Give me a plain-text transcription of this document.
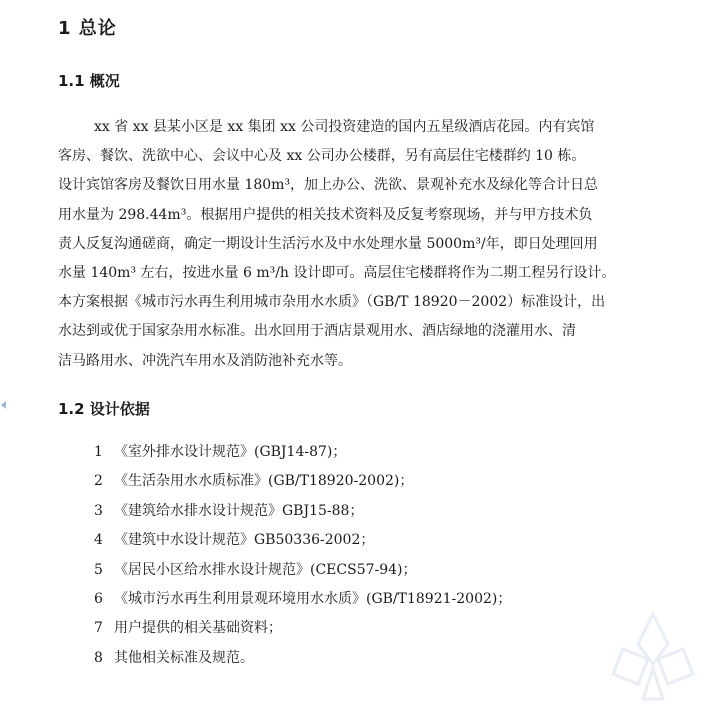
1 总论
1.1 概况
xx 省 xx 县某小区是 xx 集团 xx 公司投资建造的国内五星级酒店花园。内有宾馆
客房、餐饮、洗欲中心、会议中心及 xx 公司办公楼群，另有高层住宅楼群约 10 栋。
设计宾馆客房及餐饮日用水量 180m³，加上办公、洗欲、景观补充水及绿化等合计日总
用水量为 298.44m³。根据用户提供的相关技术资料及反复考察现场，并与甲方技术负
责人反复沟通磋商，确定一期设计生活污水及中水处理水量 5000m³/年，即日处理回用
水量 140m³ 左右，按进水量 6 m³/h 设计即可。高层住宅楼群将作为二期工程另行设计。
本方案根据《城市污水再生利用城市杂用水水质》（GB/T 18920－2002）标准设计，出
水达到或优于国家杂用水标准。出水回用于酒店景观用水、酒店绿地的浇灌用水、清
洁马路用水、冲洗汽车用水及消防池补充水等。
1.2 设计依据
1 《室外排水设计规范》(GBJ14-87)；
2 《生活杂用水水质标准》(GB/T18920-2002)；
3 《建筑给水排水设计规范》GBJ15-88；
4 《建筑中水设计规范》GB50336-2002；
5 《居民小区给水排水设计规范》(CECS57-94)；
6 《城市污水再生利用景观环境用水水质》(GB/T18921-2002)；
7 用户提供的相关基础资料；
8 其他相关标准及规范。
